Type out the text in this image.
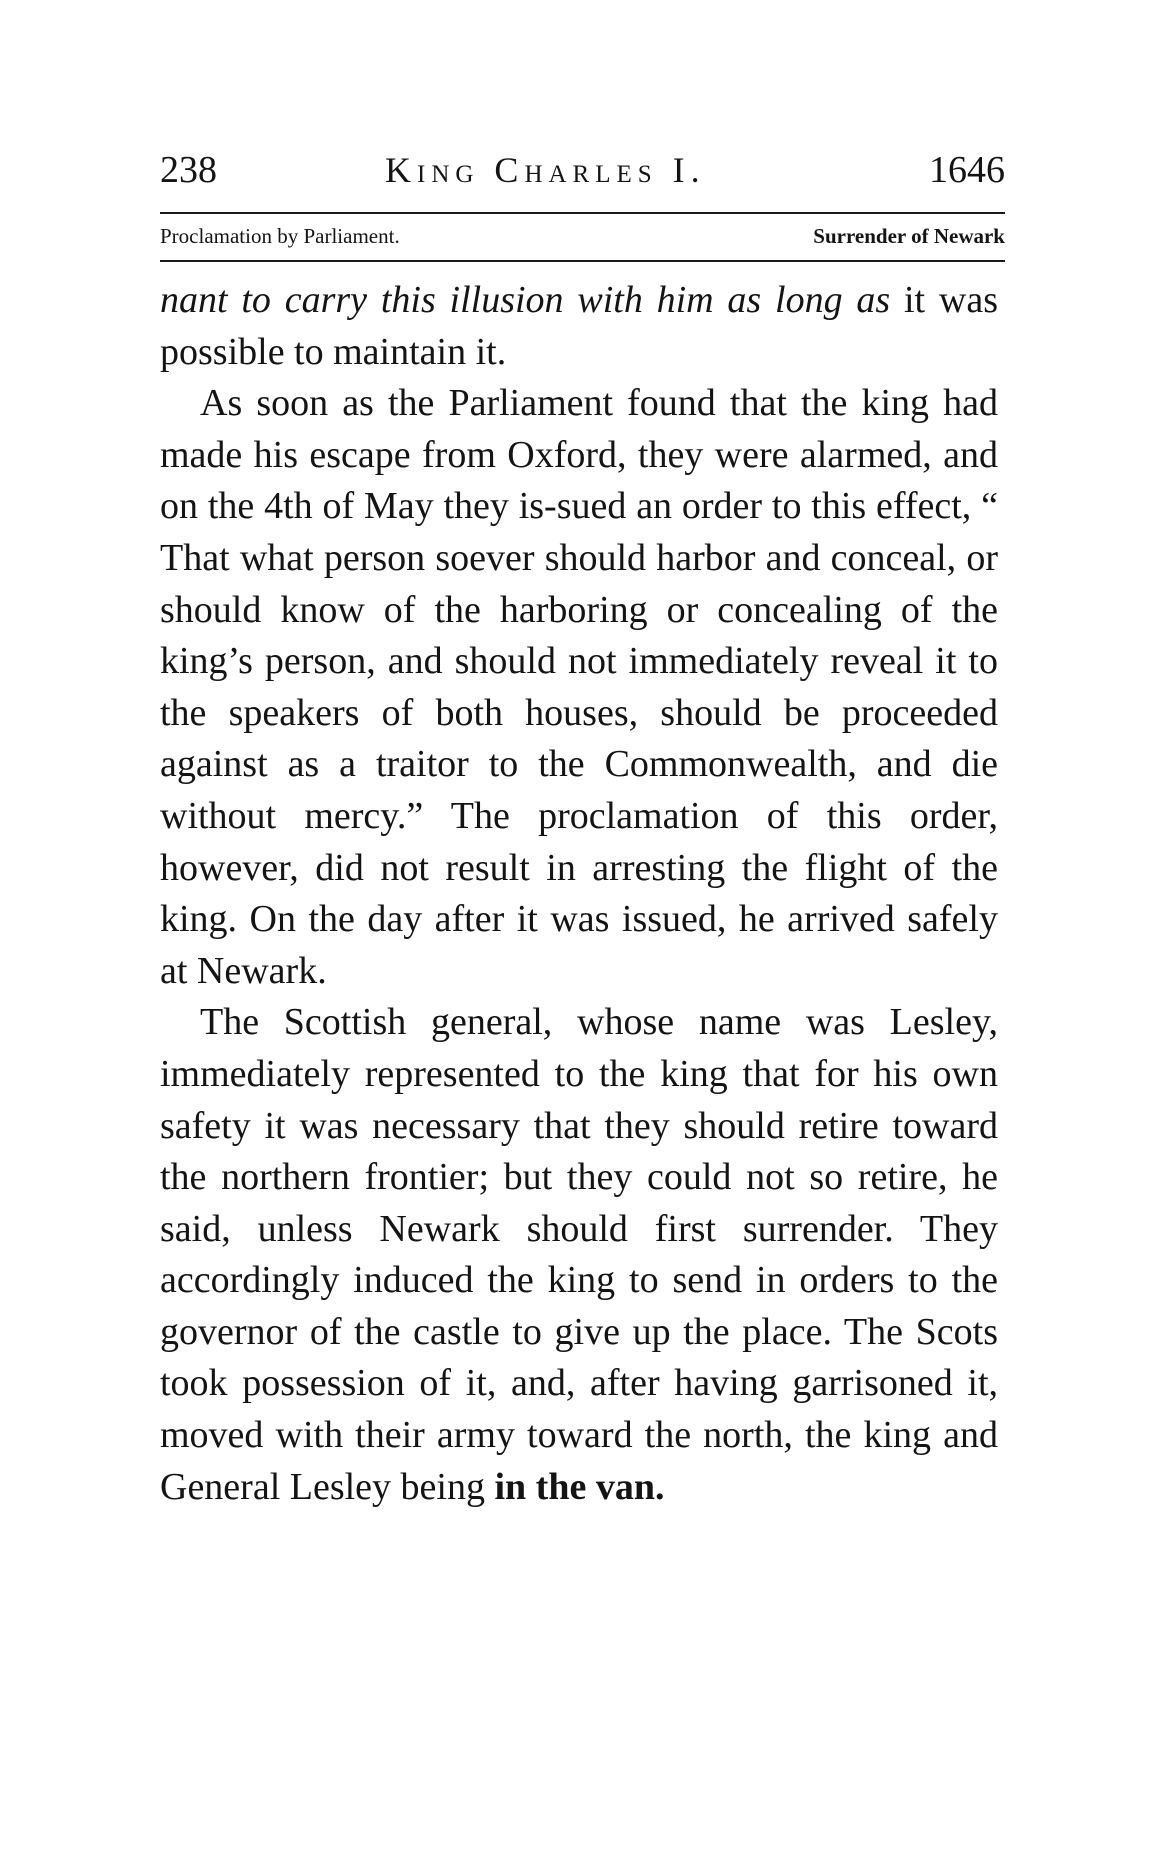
238	King Charles I.	1646
Proclamation by Parliament.	Surrender of Newark

nant to carry this illusion with him as long as it was possible to maintain it.

As soon as the Parliament found that the king had made his escape from Oxford, they were alarmed, and on the 4th of May they is-sued an order to this effect, “ That what person soever should harbor and conceal, or should know of the harboring or concealing of the king’s person, and should not immediately reveal it to the speakers of both houses, should be proceeded against as a traitor to the Commonwealth, and die without mercy.” The proclamation of this order, however, did not result in arresting the flight of the king. On the day after it was issued, he arrived safely at Newark.

The Scottish general, whose name was Lesley, immediately represented to the king that for his own safety it was necessary that they should retire toward the northern frontier; but they could not so retire, he said, unless Newark should first surrender. They accordingly induced the king to send in orders to the governor of the castle to give up the place. The Scots took possession of it, and, after having garrisoned it, moved with their army toward the north, the king and General Lesley being in the van.
